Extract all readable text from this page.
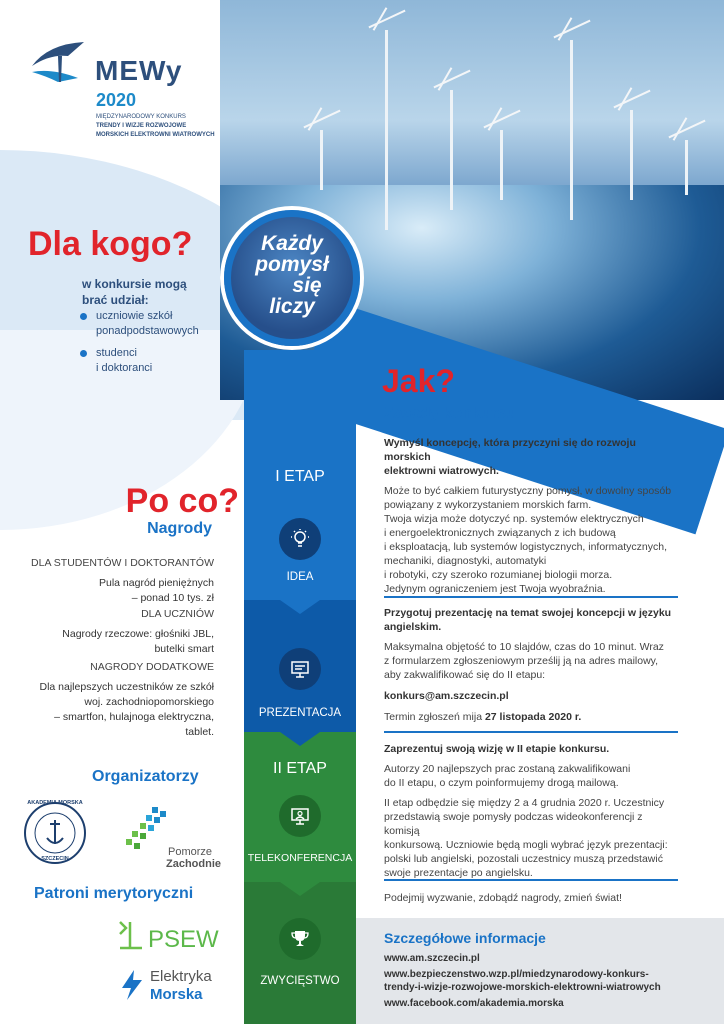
MEWy
2020
MIĘDZYNARODOWY KONKURS
TRENDY I WIZJE ROZWOJOWE
MORSKICH ELEKTROWNI WIATROWYCH
Dla kogo?
w konkursie mogą
brać udział:
uczniowie szkół
ponadpodstawowych
studenci
i doktoranci
Po co?
Nagrody
DLA STUDENTÓW I DOKTORANTÓW
Pula nagród pieniężnych
– ponad 10 tys. zł
DLA UCZNIÓW
Nagrody rzeczowe: głośniki JBL,
butelki smart
NAGRODY DODATKOWE
Dla najlepszych uczestników ze szkół
woj. zachodniopomorskiego
– smartfon, hulajnoga elektryczna,
tablet.
Organizatorzy
AKADEMIA MORSKA
SZCZECIN
Pomorze
Zachodnie
Patroni merytoryczni
PSEW
Elektryka
Morska
I ETAP
IDEA
PREZENTACJA
II ETAP
TELEKONFERENCJA
ZWYCIĘSTWO
Każdy
pomysł
się
liczy
Jak?
Zasady konkursu
Wymyśl koncepcję, która przyczyni się do rozwoju morskich
elektrowni wiatrowych.
Może to być całkiem futurystyczny pomysł, w dowolny sposób
powiązany z wykorzystaniem morskich farm.
Twoja wizja może dotyczyć np. systemów elektrycznych
i energoelektronicznych związanych z ich budową
i eksploatacją, lub systemów logistycznych, informatycznych,
mechaniki, diagnostyki, automatyki
i robotyki, czy szeroko rozumianej biologii morza.
Jedynym ograniczeniem jest Twoja wyobraźnia.
Przygotuj prezentację na temat swojej koncepcji w języku
angielskim.
Maksymalna objętość to 10 slajdów, czas do 10 minut. Wraz
z formularzem zgłoszeniowym prześlij ją na adres mailowy,
aby zakwalifikować się do II etapu:
konkurs@am.szczecin.pl
Termin zgłoszeń mija 27 listopada 2020 r.
Zaprezentuj swoją wizję w II etapie konkursu.
Autorzy 20 najlepszych prac zostaną zakwalifikowani
do II etapu, o czym poinformujemy drogą mailową.
II etap odbędzie się między 2 a 4 grudnia 2020 r. Uczestnicy
przedstawią swoje pomysły podczas wideokonferencji z komisją
konkursową. Uczniowie będą mogli wybrać język prezentacji:
polski lub angielski, pozostali uczestnicy muszą przedstawić
swoje prezentacje po angielsku.
Podejmij wyzwanie, zdobądź nagrody, zmień świat!
Szczegółowe informacje
www.am.szczecin.pl
www.bezpieczenstwo.wzp.pl/miedzynarodowy-konkurs-
trendy-i-wizje-rozwojowe-morskich-elektrowni-wiatrowych
www.facebook.com/akademia.morska
